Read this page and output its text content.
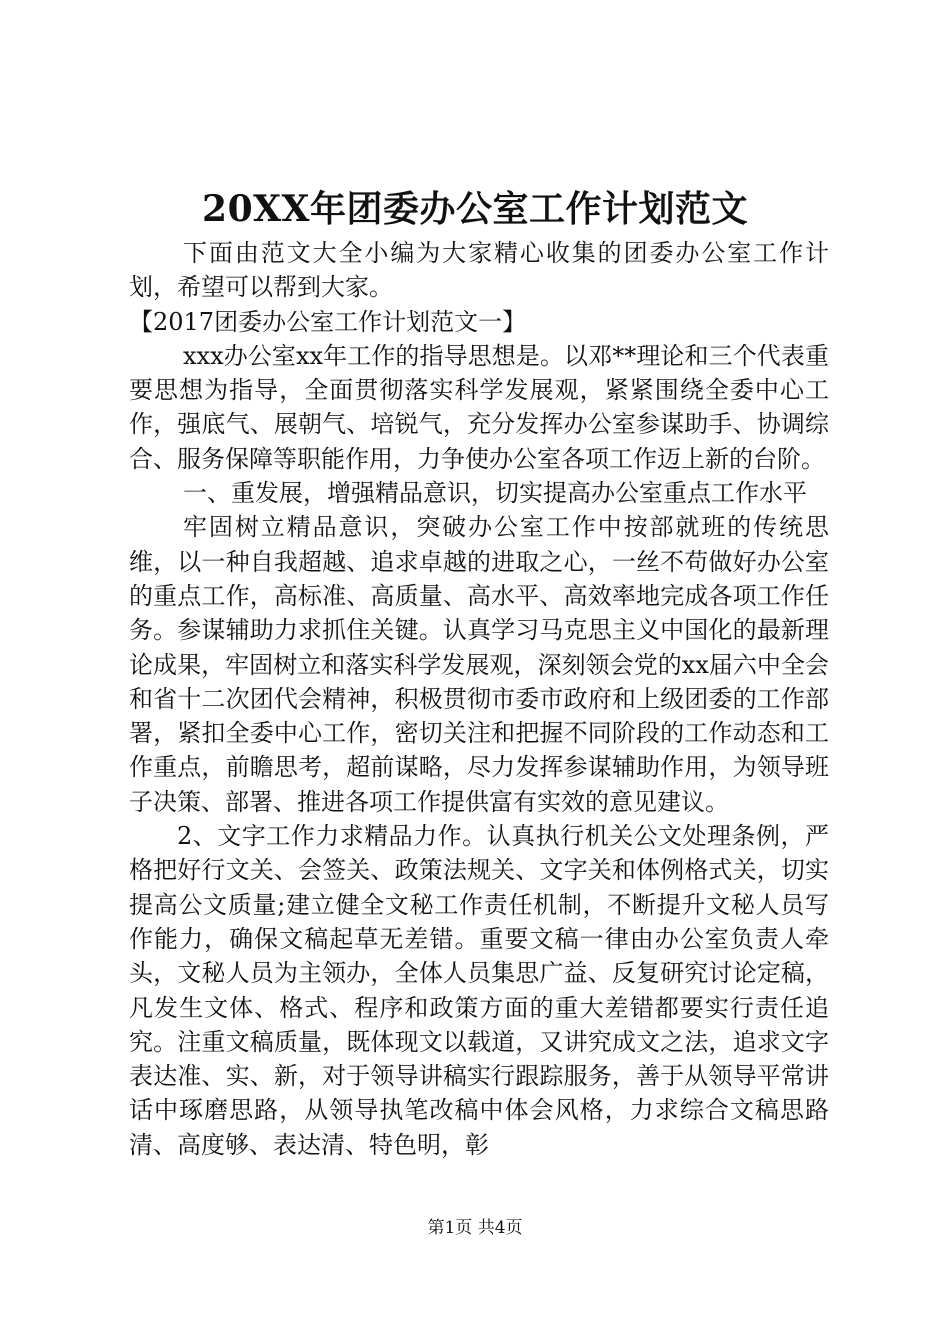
20XX年团委办公室工作计划范文

下面由范文大全小编为大家精心收集的团委办公室工作计划，希望可以帮到大家。

【2017团委办公室工作计划范文一】

xxx办公室xx年工作的指导思想是。以邓**理论和三个代表重要思想为指导，全面贯彻落实科学发展观，紧紧围绕全委中心工作，强底气、展朝气、培锐气，充分发挥办公室参谋助手、协调综合、服务保障等职能作用，力争使办公室各项工作迈上新的台阶。

一、重发展，增强精品意识，切实提高办公室重点工作水平

牢固树立精品意识，突破办公室工作中按部就班的传统思维，以一种自我超越、追求卓越的进取之心，一丝不苟做好办公室的重点工作，高标准、高质量、高水平、高效率地完成各项工作任务。参谋辅助力求抓住关键。认真学习马克思主义中国化的最新理论成果，牢固树立和落实科学发展观，深刻领会党的xx届六中全会和省十二次团代会精神，积极贯彻市委市政府和上级团委的工作部署，紧扣全委中心工作，密切关注和把握不同阶段的工作动态和工作重点，前瞻思考，超前谋略，尽力发挥参谋辅助作用，为领导班子决策、部署、推进各项工作提供富有实效的意见建议。

2、文字工作力求精品力作。认真执行机关公文处理条例，严格把好行文关、会签关、政策法规关、文字关和体例格式关，切实提高公文质量;建立健全文秘工作责任机制，不断提升文秘人员写作能力，确保文稿起草无差错。重要文稿一律由办公室负责人牵头，文秘人员为主领办，全体人员集思广益、反复研究讨论定稿，凡发生文体、格式、程序和政策方面的重大差错都要实行责任追究。注重文稿质量，既体现文以载道，又讲究成文之法，追求文字表达准、实、新，对于领导讲稿实行跟踪服务，善于从领导平常讲话中琢磨思路，从领导执笔改稿中体会风格，力求综合文稿思路清、高度够、表达清、特色明，彰

第1页 共4页
